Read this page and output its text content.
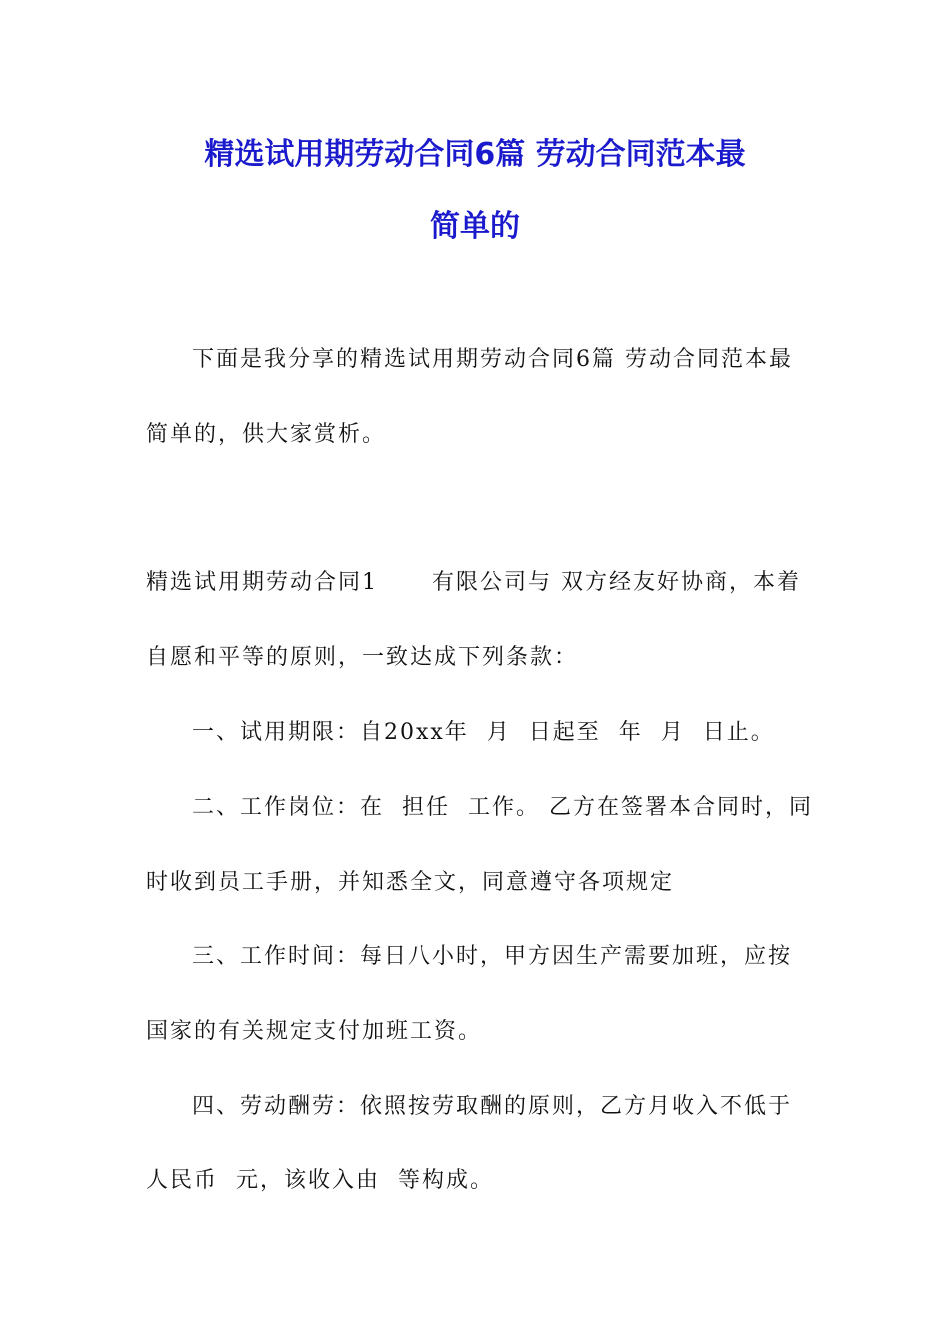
精选试用期劳动合同6篇 劳动合同范本最
简单的
下面是我分享的精选试用期劳动合同6篇 劳动合同范本最
简单的，供大家赏析。
精选试用期劳动合同1      有限公司与 双方经友好协商，本着
自愿和平等的原则，一致达成下列条款：
一、试用期限：自20xx年  月  日起至  年  月  日止。
二、工作岗位：在  担任  工作。 乙方在签署本合同时，同
时收到员工手册，并知悉全文，同意遵守各项规定
三、工作时间：每日八小时，甲方因生产需要加班，应按
国家的有关规定支付加班工资。
四、劳动酬劳：依照按劳取酬的原则，乙方月收入不低于
人民币  元，该收入由  等构成。
